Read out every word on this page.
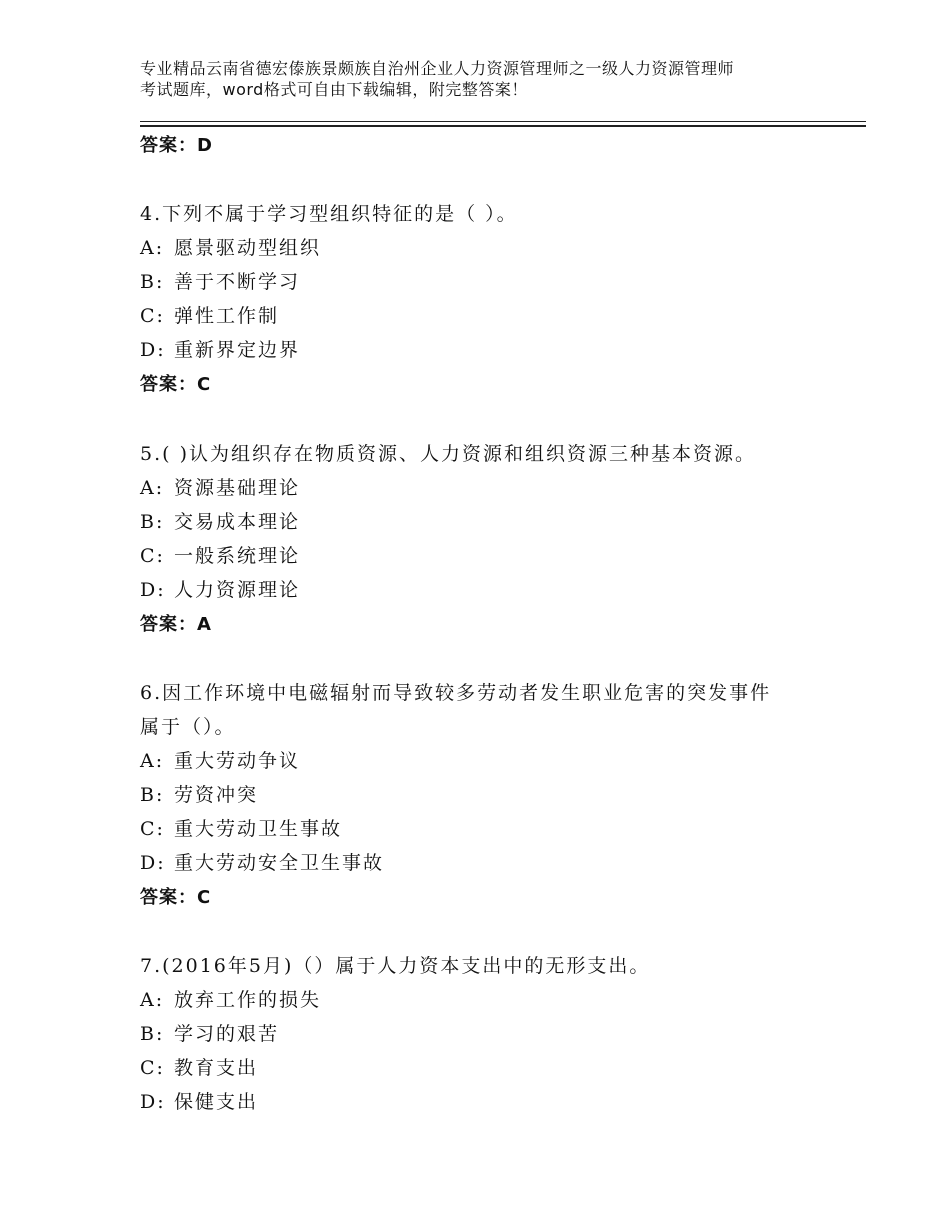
专业精品云南省德宏傣族景颇族自治州企业人力资源管理师之一级人力资源管理师
考试题库，word格式可自由下载编辑，附完整答案！
答案：D
4.下列不属于学习型组织特征的是（ ）。
A: 愿景驱动型组织
B: 善于不断学习
C: 弹性工作制
D: 重新界定边界
答案：C
5.( )认为组织存在物质资源、人力资源和组织资源三种基本资源。
A: 资源基础理论
B: 交易成本理论
C: 一般系统理论
D: 人力资源理论
答案：A
6.因工作环境中电磁辐射而导致较多劳动者发生职业危害的突发事件
属于（）。
A: 重大劳动争议
B: 劳资冲突
C: 重大劳动卫生事故
D: 重大劳动安全卫生事故
答案：C
7.(2016年5月)（）属于人力资本支出中的无形支出。
A: 放弃工作的损失
B: 学习的艰苦
C: 教育支出
D: 保健支出
